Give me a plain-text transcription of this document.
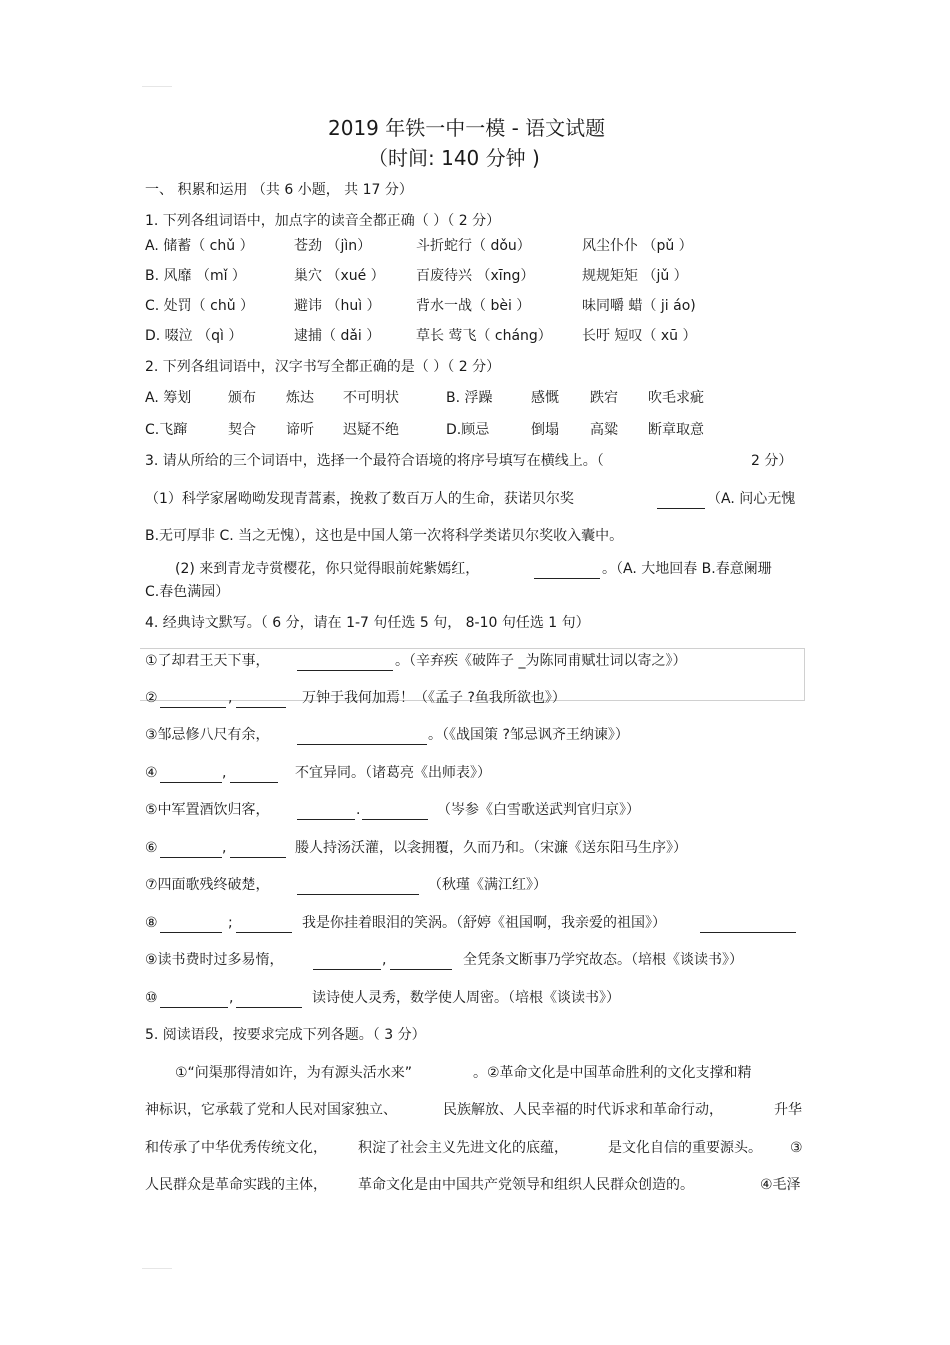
2019 年铁一中一模 - 语文试题
（时间: 140 分钟 )
一、 积累和运用 （共 6 小题， 共 17 分）
1. 下列各组词语中，加点字的读音全都正确（ ）（ 2 分）
A. 储蓄（ chǔ ）	苍劲 （jìn）	斗折蛇行（ dǒu）	风尘仆仆 （pǔ ）
B. 风靡 （mǐ ）	巢穴 （xué ） 百废待兴 （xīng）	规规矩矩 （jǔ ）
C. 处罚（ chǔ ）	避讳 （huì ）	背水一战（ bèi ）	味同嚼 蜡（ ji áo)
D. 啜泣 （qì ）	逮捕（ dǎi ）	草长 莺飞（ cháng） 长吁 短叹（ xū ）
2. 下列各组词语中，汉字书写全都正确的是（ ）（ 2 分）
A. 筹划	颁布 炼达 不可明状	B. 浮躁	感慨 跌宕 吹毛求疵
C.飞蹿	契合 谛听 迟疑不绝	D.顾忌	倒塌 高粱 断章取意
3. 请从所给的三个词语中，选择一个最符合语境的将序号填写在横线上。（	2 分）
（1）科学家屠呦呦发现青蒿素，挽救了数百万人的生命，获诺贝尔奖
	（A. 问心无愧
B.无可厚非 C. 当之无愧），这也是中国人第一次将科学类诺贝尔奖收入囊中。
(2) 来到青龙寺赏樱花，你只觉得眼前姹紫嫣红，
	。（A. 大地回春 B.春意阑珊
C.春色满园）
4. 经典诗文默写。（ 6 分，请在 1-7 句任选 5 句， 8-10 句任选 1 句）
①了却君王天下事，
	。（辛弃疾《破阵子 _为陈同甫赋壮词以寄之》）
②
	,
	万钟于我何加焉！（《孟子 ?鱼我所欲也》）
③邹忌修八尺有余，
	。（《战国策 ?邹忌讽齐王纳谏》）
④
	,
	不宜异同。（诸葛亮《出师表》）
⑤中军置酒饮归客，
	.
	（岑参《白雪歌送武判官归京》）
⑥
	,
	媵人持汤沃灌，以衾拥覆，久而乃和。（宋濂《送东阳马生序》）
⑦四面歌残终破楚，
	（秋瑾《满江红》）
⑧
	;
	我是你挂着眼泪的笑涡。（舒婷《祖国啊，我亲爱的祖国》）

⑨读书费时过多易惰，
	,
	全凭条文断事乃学究故态。（培根《谈读书》）
⑩
	,
	读诗使人灵秀，数学使人周密。（培根《谈读书》）
5. 阅读语段，按要求完成下列各题。（ 3 分）
①“问渠那得清如许，为有源头活水来”	。②革命文化是中国革命胜利的文化支撑和精
神标识，它承载了党和人民对国家独立、	民族解放、人民幸福的时代诉求和革命行动，	升华
和传承了中华优秀传统文化， 积淀了社会主义先进文化的底蕴，	是文化自信的重要源头。 ③
人民群众是革命实践的主体， 革命文化是由中国共产党领导和组织人民群众创造的。	④毛泽
